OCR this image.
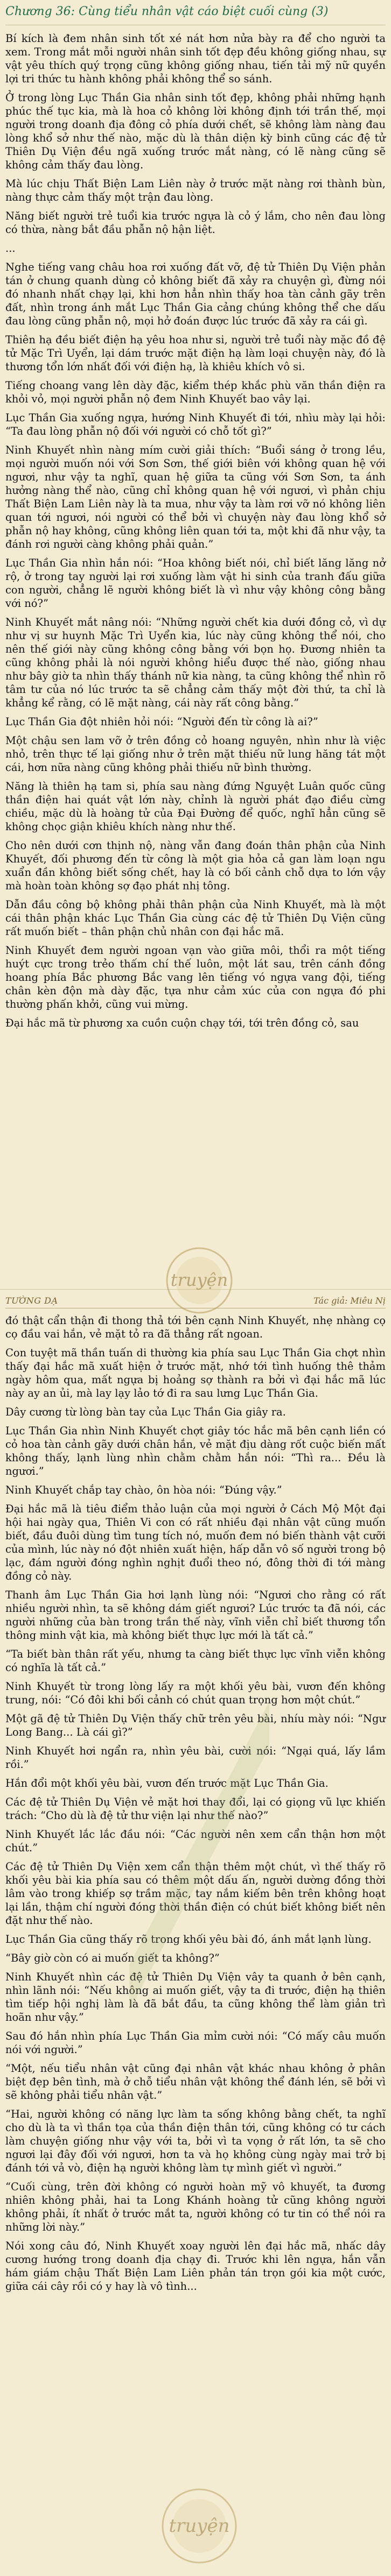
Chương 36: Cùng tiểu nhân vật cáo biệt cuối cùng (3)

Bí kích là đem nhân sinh tốt xé nát hơn nửa bày ra để cho người ta xem. Trong mắt mỗi người nhân sinh tốt đẹp đều không giống nhau, sự vật yêu thích quý trọng cũng không giống nhau, tiến tải mỹ nữ quyền lợi tri thức tu hành không phải không thể so sánh.

Ở trong lòng Lục Thần Gia nhân sinh tốt đẹp, không phải những hạnh phúc thế tục kia, mà là hoa cỏ không lời không định tới trần thế, mọi người trong doanh địa đông cỏ phía dưới chết, sẽ không làm nàng đau lòng khổ sở như thế nào, mặc dù là thân diện kỳ binh cũng các đệ tử Thiên Dụ Viện đều ngã xuống trước mắt nàng, có lẽ nàng cũng sẽ không cảm thấy đau lòng.

Mà lúc chịu Thất Biện Lam Liên này ở trước mặt nàng rơi thành bùn, nàng thực cảm thấy một trận đau lòng.

Năng biết người trẻ tuổi kia trước ngựa là cỏ ý lắm, cho nên đau lòng có thừa, nàng bắt đầu phẫn nộ hận liệt.

...

Nghe tiếng vang châu hoa rơi xuống đất vỡ, đệ tử Thiên Dụ Viện phản tán ở chung quanh dùng cỏ không biết đã xảy ra chuyện gì, đừng nói đó nhanh nhất chạy lại, khi hơn hẳn nhìn thấy hoa tàn cảnh gãy trên đất, nhìn trong ánh mắt Lục Thần Gia cảng chúng không thể che dấu đau lòng cũng phẫn nộ, mọi hở đoán được lúc trước đã xảy ra cái gì.

Thiên hạ đều biết điện hạ yêu hoa như si, người trẻ tuổi này mặc đồ đệ tử Mặc Trì Uyển, lại dám trước mặt điện hạ làm loại chuyện này, đó là thương tổn lớn nhất đối với điện hạ, là khiêu khích vô si.

Tiếng choang vang lên dày đặc, kiểm thép khắc phù văn thần điện ra khỏi vỏ, mọi người phẫn nộ đem Ninh Khuyết bao vây lại.

Lục Thần Gia xuống ngựa, hướng Ninh Khuyết đi tới, nhìu mày lại hỏi: “Ta đau lòng phẫn nộ đối với người có chỗ tốt gì?”

Ninh Khuyết nhìn nàng mím cười giải thích: “Buổi sáng ở trong lều, mọi người muốn nói với Sơn Sơn, thế giới biên với không quan hệ với ngươi, như vậy ta nghĩ, quan hệ giữa ta cũng với Sơn Sơn, ta ánh hưởng nàng thể nào, cũng chỉ không quan hệ với ngươi, vì phản chịu Thất Biện Lam Liên này là ta mua, như vậy ta làm rơi vỡ nó không liên quan tới ngươi, nói người có thể bởi vì chuyện này đau lòng khổ sở phẫn nộ hay không, cũng không liên quan tới ta, một khi đã như vậy, ta đánh rơi người càng không phải quản.”

Lục Thần Gia nhìn hắn nói: “Hoa không biết nói, chỉ biết lăng lăng nở rộ, ở trong tay người lại rơi xuống làm vật hi sinh của tranh đấu giữa con người, chẳng lẽ người không biết là vì như vậy không công bằng với nó?”

Ninh Khuyết mắt nâng nói: “Những người chết kia dưới đồng cỏ, vì dự như vị sư huynh Mặc Trì Uyển kia, lúc này cũng không thể nói, cho nên thế giới này cũng không công bằng với bọn họ. Đương nhiên ta cũng không phải là nói người không hiểu được thế nào, giống nhau như bây giờ ta nhìn thấy thánh nữ kia nàng, ta cũng không thể nhìn rõ tâm tư của nó lúc trước ta sẽ chẳng cảm thấy một đời thứ, ta chỉ là khẳng kể rằng, có lẽ mặt nàng, cái này rất công bằng.”

Lục Thần Gia đột nhiên hỏi nói: “Người đến từ công là ai?”

Một chậu sen lam vỡ ở trên đồng cỏ hoang nguyên, nhìn như là việc nhỏ, trên thực tế lại giống như ở trên mặt thiếu nữ lung hăng tát một cái, hơn nữa nàng cũng không phải thiếu nữ bình thường.

Năng là thiên hạ tam si, phía sau nàng đứng Nguyệt Luân quốc cũng thần điện hai quát vật lớn này, chỉnh là người phát đạo điều cừng chiều, mặc dù là hoàng tử của Đại Đường để quốc, nghĩ hẳn cũng sẽ không chọc giận khiêu khích nàng như thế.

Cho nên dưới cơn thịnh nộ, nàng vẫn đang đoán thân phận của Ninh Khuyết, đối phương đến từ công là một gia hỏa cả gan làm loạn ngu xuẩn đần không biết sống chết, hay là có bối cảnh chỗ dựa to lớn vậy mà hoàn toàn không sợ đạo phát nhị tông.

Dẫn đầu công bộ không phải thân phận của Ninh Khuyết, mà là một cái thân phận khác Lục Thần Gia cùng các đệ tử Thiên Dụ Viện cũng rất muốn biết – thân phận chủ nhân con đại hắc mã.

Ninh Khuyết đem người ngoan vạn vào giữa môi, thổi ra một tiếng huýt cực trong trẻo thấm chí thế luôn, một lát sau, trên cánh đồng hoang phía Bắc phương Bắc vang lên tiếng vó ngựa vang đội, tiếng chân kèn độn mà dày đặc, tựa như cảm xúc của con ngựa đó phi thường phấn khởi, cũng vui mừng.

Đại hắc mã từ phương xa cuồn cuộn chạy tới, tới trên đồng cỏ, sau

TƯỜNG DẠ	Tác giả: Miêu Nị

đó thật cẩn thận đi thong thả tới bên cạnh Ninh Khuyết, nhẹ nhàng cọ cọ đầu vai hắn, vẻ mặt tỏ ra đã thẳng rất ngoan.

Con tuyệt mã thần tuấn di thường kia phía sau Lục Thần Gia chợt nhìn thấy đại hắc mã xuất hiện ở trước mặt, nhớ tới tình huống thê thảm ngày hôm qua, mất ngựa bị hoảng sợ thành ra bởi vì đại hắc mã lúc này ay an ủi, mà lay lạy lảo tớ đi ra sau lưng Lục Thần Gia.

Dây cương từ lòng bàn tay của Lục Thần Gia giây ra.

Lục Thần Gia nhìn Ninh Khuyết chợt giây tóc hắc mã bên cạnh liền có cỏ hoa tàn cảnh gãy dưới chân hắn, vẻ mặt địu dàng rốt cuộc biến mất không thấy, lạnh lùng nhìn chằm chằm hắn nói: “Thì ra... Đều là ngươi.”

Ninh Khuyết chắp tay chào, ôn hòa nói: “Đúng vậy.”

Đại hắc mã là tiêu điểm thảo luận của mọi người ở Cách Mộ Một đại hội hai ngày qua, Thiên Vi con có rất nhiều đại nhân vật cũng muốn biết, đầu đuôi dùng tìm tung tích nó, muốn đem nó biến thành vật cưỡi của mình, lúc này nó đột nhiên xuất hiện, hấp dẫn vô số người trong bộ lạc, đám người đóng nghìn nghịt đuổi theo nó, đông thời đi tới màng đồng cỏ này.

Thanh âm Lục Thần Gia hơi lạnh lùng nói: “Ngươi cho rằng có rất nhiều người nhìn, ta sẽ không dám giết ngươi? Lúc trước ta đã nói, các người những của bàn trong trần thế này, vĩnh viễn chỉ biết thương tổn thông minh vật kia, mà không biết thực lực mới là tất cả.”

“Ta biết bàn thân rất yếu, nhưng ta càng biết thực lực vĩnh viễn không có nghĩa là tất cả.”

Ninh Khuyết từ trong lòng lấy ra một khối yêu bài, vươn đến không trung, nói: “Có đôi khi bối cảnh có chút quan trọng hơn một chút.”

Một gã đệ tử Thiên Dụ Viện thấy chữ trên yêu bài, nhíu mày nói: “Ngư Long Bang... Là cái gì?”

Ninh Khuyết hơi ngẩn ra, nhìn yêu bài, cười nói: “Ngại quá, lấy lầm rồi.”

Hắn đổi một khối yêu bài, vươn đến trước mặt Lục Thần Gia.

Các đệ tử Thiên Dụ Viện vẻ mặt hơi thay đổi, lại có giọng vũ lực khiến trách: “Cho dù là đệ tử thư viện lại như thế nào?”

Ninh Khuyết lắc lắc đầu nói: “Các người nên xem cẩn thận hơn một chút.”

Các đệ tử Thiên Dụ Viện xem cẩn thận thêm một chút, vì thế thấy rõ khối yêu bài kia phía sau có thêm một dấu ấn, người dường đồng thời lâm vào trong khiếp sợ trầm mặc, tay nắm kiếm bên trên không hoạt lại lần, thậm chí người đóng thời thần điện có chút biết không biết nên đặt như thế nào.

Lục Thần Gia cũng thấy rõ trong khối yêu bài đó, ánh mắt lạnh lùng.

“Bây giờ còn có ai muốn giết ta không?”

Ninh Khuyết nhìn các đệ tử Thiên Dụ Viện vây ta quanh ở bên cạnh, nhìn lãnh nói: “Nếu không ai muốn giết, vậy ta đi trước, điện hạ thiên tìm tiếp hội nghị làm là đã bắt đầu, ta cũng không thể làm giản trì hoãn như vậy.”

Sau đó hắn nhìn phía Lục Thần Gia mỉm cười nói: “Có mấy câu muốn nói với người.”

“Một, nếu tiểu nhân vật cũng đại nhân vật khác nhau không ở phân biệt đẹp bên tình, mà ở chỗ tiểu nhân vật không thể đánh lén, sẽ bởi vì sẽ không phải tiểu nhân vật.”

“Hai, người không có năng lực làm ta sống không bằng chết, ta nghĩ cho dù là ta vì thần tọa của thần điện thân tới, cũng không có tư cách làm chuyện giống như vậy với ta, bởi vì ta vọng ở rất lớn, ta sẽ cho ngươi lại đây đối với ngươi, hơn ta và họ không cùng ngày mai trở bị đánh tới vả vò, điện hạ người không làm tự mình giết vì người.”

“Cuối cùng, trên đời không có người hoàn mỹ vô khuyết, ta đương nhiên không phải, hai ta Long Khánh hoàng tử cũng không người không phải, ít nhất ở trước mắt ta, người không có tư tin có thể nói ra những lời này.”

Nói xong câu đó, Ninh Khuyết xoay người lên đại hắc mã, nhấc dây cương hướng trong doanh địa chạy đi. Trước khi lên ngựa, hắn vẫn hám giám chậu Thất Biện Lam Liên phản tán trọn gói kia một cước, giữa cái cây rồi có y hay là vô tình...

truyện
truyện
